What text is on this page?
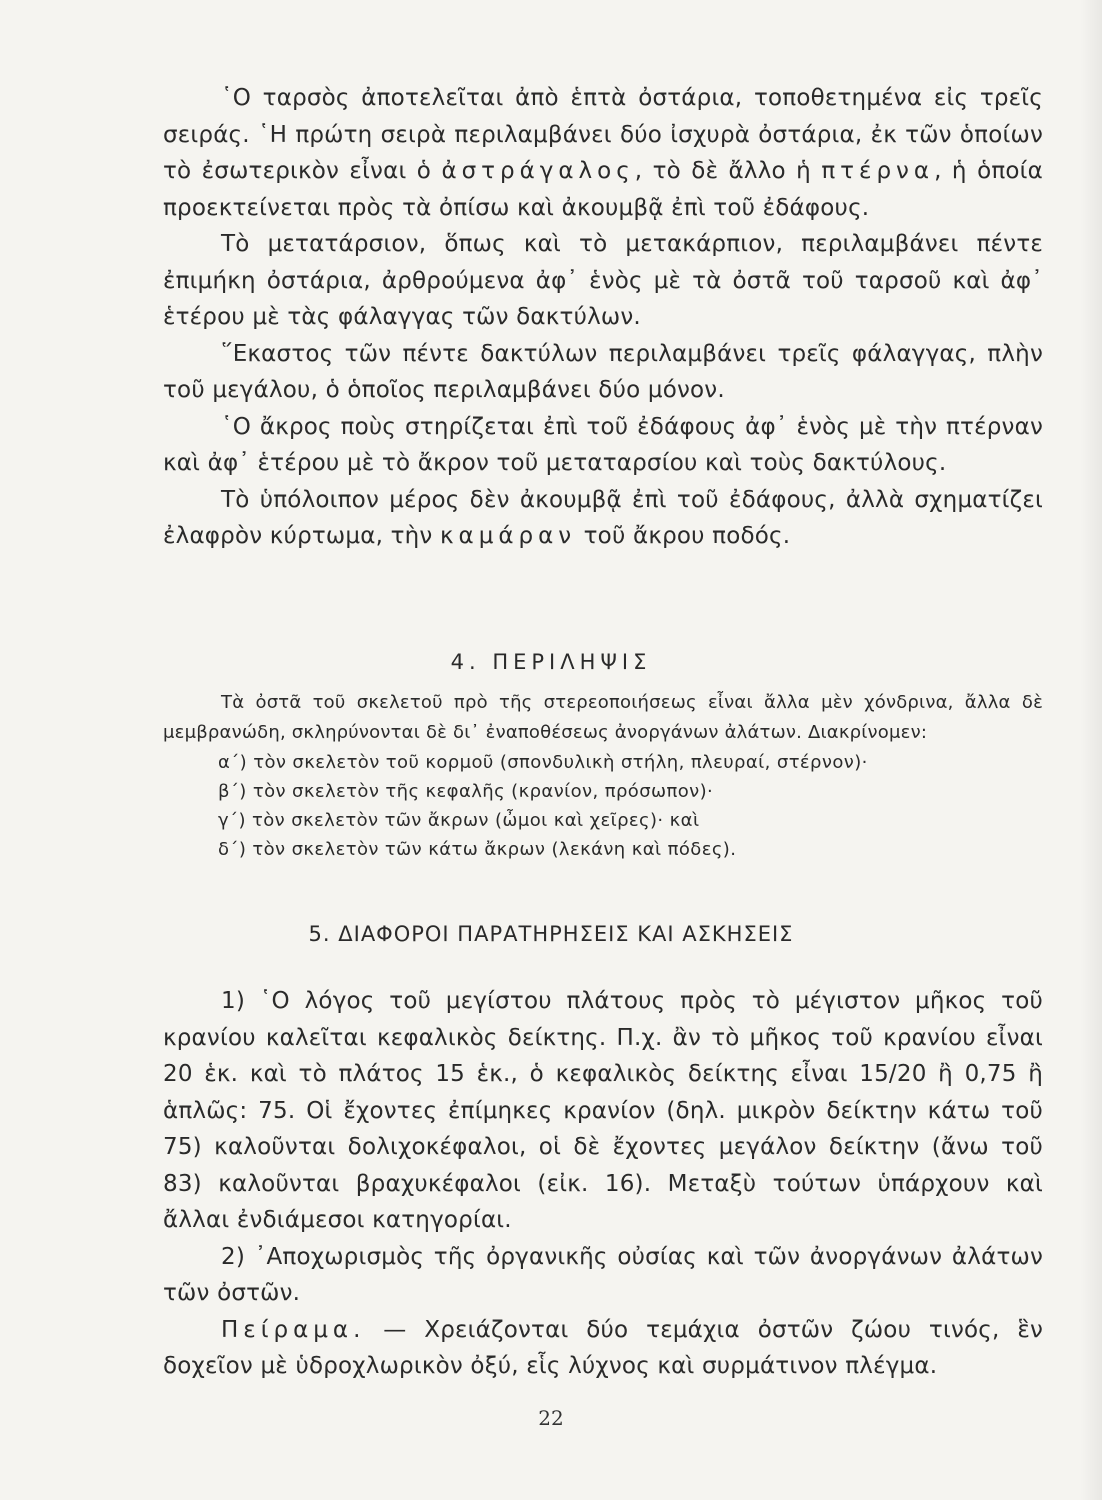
῾Ο ταρσὸς ἀποτελεῖται ἀπὸ ἑπτὰ ὀστάρια, τοποθετημένα εἰς τρεῖς σειράς. ῾Η πρώτη σειρὰ περιλαμβάνει δύο ἰσχυρὰ ὀστάρια, ἐκ τῶν ὁποίων τὸ ἐσωτερικὸν εἶναι ὁ ἀστράγαλος, τὸ δὲ ἄλλο ἡ πτέρνα, ἡ ὁποία προεκτείνεται πρὸς τὰ ὀπίσω καὶ ἀκουμβᾷ ἐπὶ τοῦ ἐδάφους.

Τὸ μετατάρσιον, ὅπως καὶ τὸ μετακάρπιον, περιλαμβάνει πέντε ἐπιμήκη ὀστάρια, ἀρθρούμενα ἀφ᾽ ἑνὸς μὲ τὰ ὀστᾶ τοῦ ταρσοῦ καὶ ἀφ᾽ ἑτέρου μὲ τὰς φάλαγγας τῶν δακτύλων.

῞Εκαστος τῶν πέντε δακτύλων περιλαμβάνει τρεῖς φάλαγγας, πλὴν τοῦ μεγάλου, ὁ ὁποῖος περιλαμβάνει δύο μόνον.

῾Ο ἄκρος ποὺς στηρίζεται ἐπὶ τοῦ ἐδάφους ἀφ᾽ ἑνὸς μὲ τὴν πτέρναν καὶ ἀφ᾽ ἑτέρου μὲ τὸ ἄκρον τοῦ μεταταρσίου καὶ τοὺς δακτύλους.

Τὸ ὑπόλοιπον μέρος δὲν ἀκουμβᾷ ἐπὶ τοῦ ἐδάφους, ἀλλὰ σχηματίζει ἐλαφρὸν κύρτωμα, τὴν καμάραν τοῦ ἄκρου ποδός.

4. ΠΕΡΙΛΗΨΙΣ

Τὰ ὀστᾶ τοῦ σκελετοῦ πρὸ τῆς στερεοποιήσεως εἶναι ἄλλα μὲν χόνδρινα, ἄλλα δὲ μεμβρανώδη, σκληρύνονται δὲ δι᾽ ἐναποθέσεως ἀνοργάνων ἀλάτων. Διακρίνομεν:

α΄) τὸν σκελετὸν τοῦ κορμοῦ (σπονδυλικὴ στήλη, πλευραί, στέρνον)·

β΄) τὸν σκελετὸν τῆς κεφαλῆς (κρανίον, πρόσωπον)·

γ΄) τὸν σκελετὸν τῶν ἄκρων (ὦμοι καὶ χεῖρες)· καὶ

δ΄) τὸν σκελετὸν τῶν κάτω ἄκρων (λεκάνη καὶ πόδες).

5. ΔΙΑΦΟΡΟΙ ΠΑΡΑΤΗΡΗΣΕΙΣ ΚΑΙ ΑΣΚΗΣΕΙΣ

1) ῾Ο λόγος τοῦ μεγίστου πλάτους πρὸς τὸ μέγιστον μῆκος τοῦ κρανίου καλεῖται κεφαλικὸς δείκτης. Π.χ. ἂν τὸ μῆκος τοῦ κρανίου εἶναι 20 ἑκ. καὶ τὸ πλάτος 15 ἑκ., ὁ κεφαλικὸς δείκτης εἶναι 15/20 ἢ 0,75 ἢ ἁπλῶς: 75. Οἱ ἔχοντες ἐπίμηκες κρανίον (δηλ. μικρὸν δείκτην κάτω τοῦ 75) καλοῦνται δολιχοκέφαλοι, οἱ δὲ ἔχοντες μεγάλον δείκτην (ἄνω τοῦ 83) καλοῦνται βραχυκέφαλοι (εἰκ. 16). Μεταξὺ τούτων ὑπάρχουν καὶ ἄλλαι ἐνδιάμεσοι κατηγορίαι.

2) ᾿Αποχωρισμὸς τῆς ὀργανικῆς οὐσίας καὶ τῶν ἀνοργάνων ἀλάτων τῶν ὀστῶν.

Πείραμα. — Χρειάζονται δύο τεμάχια ὀστῶν ζώου τινός, ἓν δοχεῖον μὲ ὑδροχλωρικὸν ὀξύ, εἷς λύχνος καὶ συρμάτινον πλέγμα.

22
